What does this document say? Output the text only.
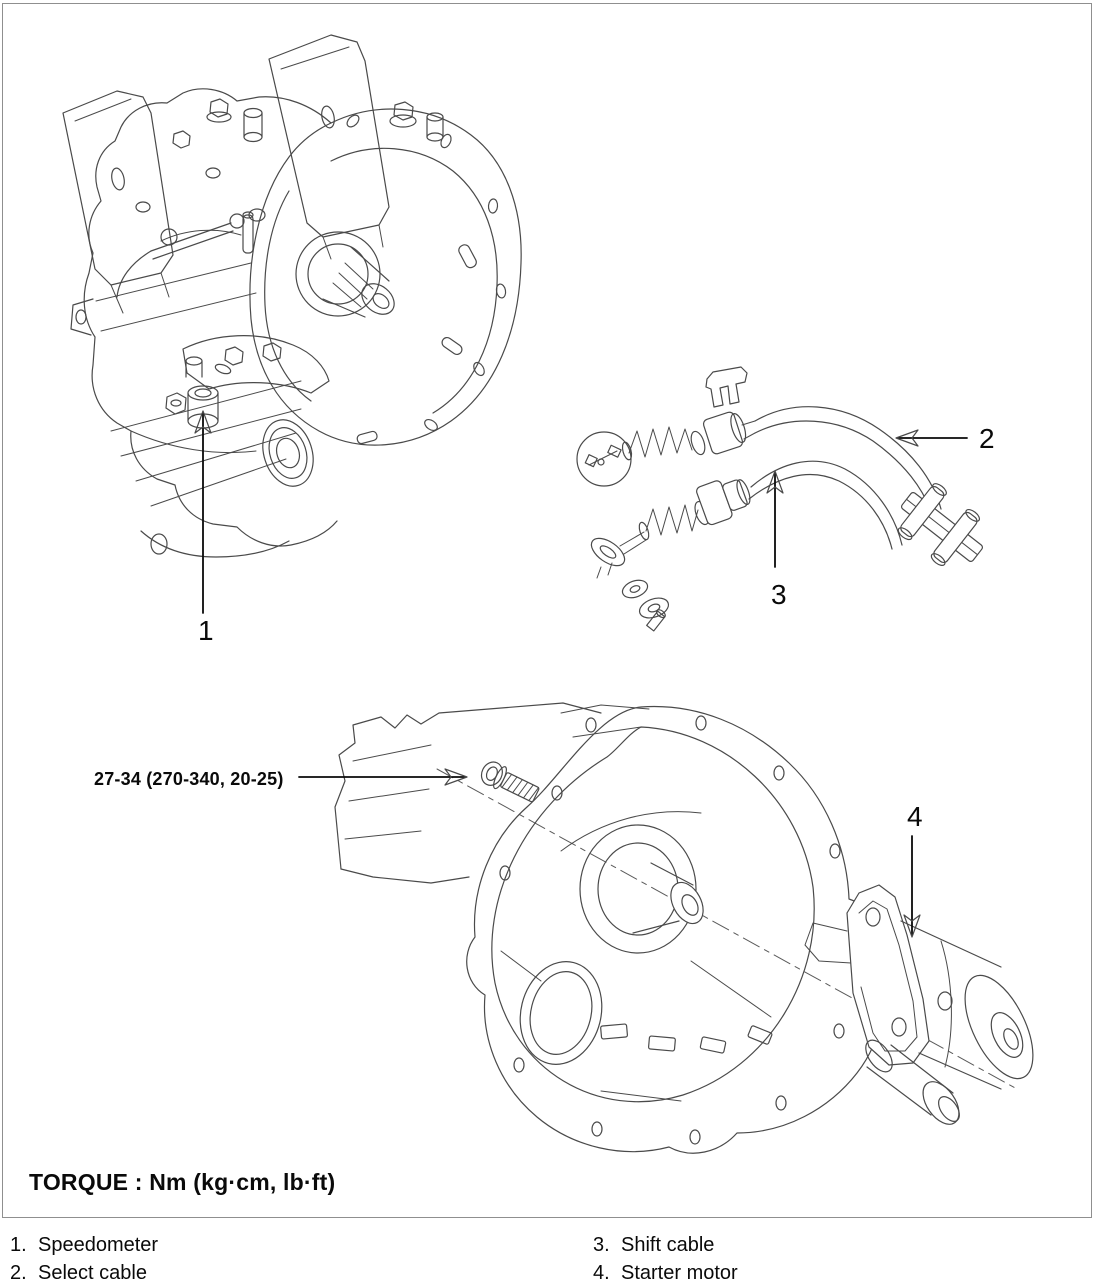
1
2
3
4
27-34 (270-340, 20-25)
TORQUE : Nm (kg·cm, lb·ft)
1. Speedometer
2. Select cable
3. Shift cable
4. Starter motor
